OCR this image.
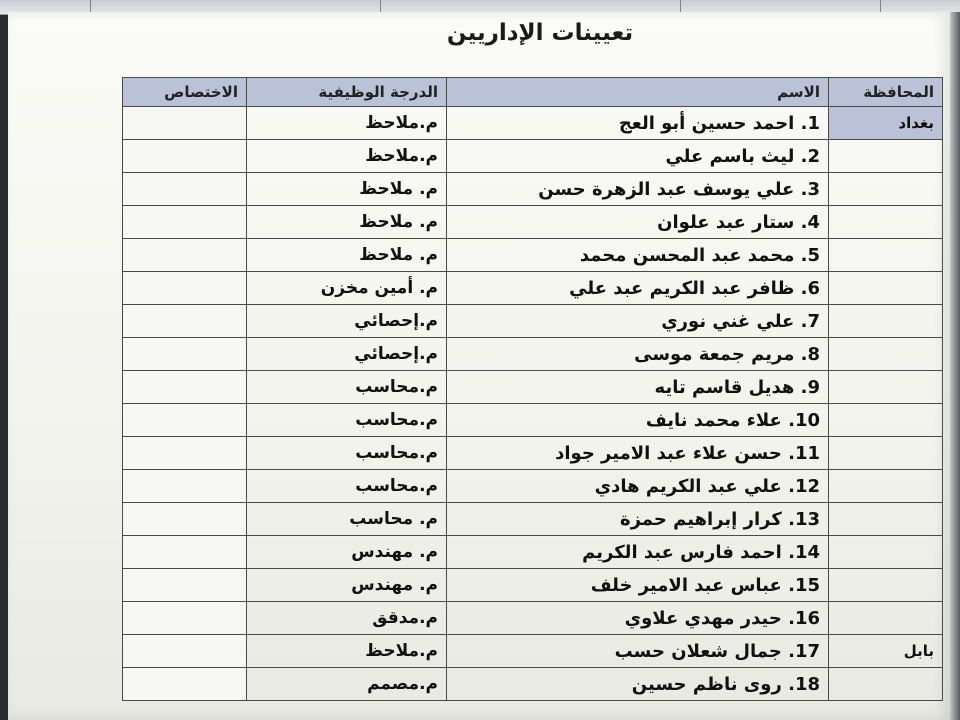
تعيينات الإداريين
الاختصاص	الدرجة الوظيفية	الاسم	المحافظة
	م.ملاحظ	1. احمد حسين أبو العج	بغداد
	م.ملاحظ	2. ليث باسم علي	
	م. ملاحظ	3. علي يوسف عبد الزهرة حسن	
	م. ملاحظ	4. ستار عبد علوان	
	م. ملاحظ	5. محمد عبد المحسن محمد	
	م. أمين مخزن	6. ظافر عبد الكريم عبد علي	
	م.إحصائي	7. علي غني نوري	
	م.إحصائي	8. مريم جمعة موسى	
	م.محاسب	9. هديل قاسم تايه	
	م.محاسب	10. علاء محمد نايف	
	م.محاسب	11. حسن علاء عبد الامير جواد	
	م.محاسب	12. علي عبد الكريم هادي	
	م. محاسب	13. كرار إبراهيم حمزة	
	م. مهندس	14. احمد فارس عبد الكريم	
	م. مهندس	15. عباس عبد الامير خلف	
	م.مدقق	16. حيدر مهدي علاوي	
	م.ملاحظ	17. جمال شعلان حسب	بابل
	م.مصمم	18. روى ناظم حسين	
